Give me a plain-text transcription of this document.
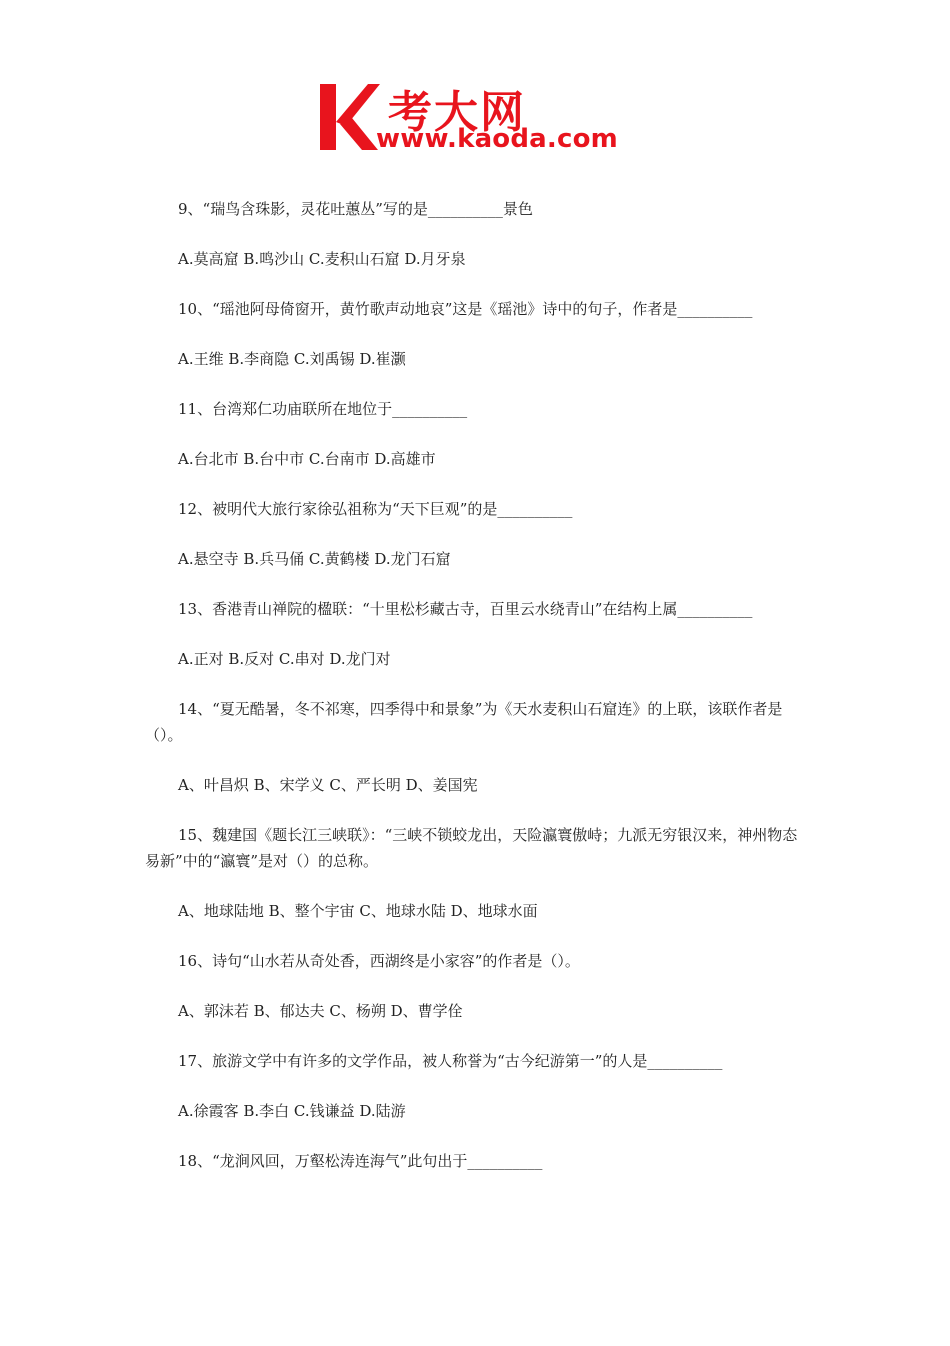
考大网
www.kaoda.com
9、“瑞鸟含珠影，灵花吐蕙丛”写的是__________景色
A.莫高窟 B.鸣沙山 C.麦积山石窟 D.月牙泉
10、“瑶池阿母倚窗开，黄竹歌声动地哀”这是《瑶池》诗中的句子，作者是__________
A.王维 B.李商隐 C.刘禹锡 D.崔灏
11、台湾郑仁功庙联所在地位于__________
A.台北市 B.台中市 C.台南市 D.高雄市
12、被明代大旅行家徐弘祖称为“天下巨观”的是__________
A.悬空寺 B.兵马俑 C.黄鹤楼 D.龙门石窟
13、香港青山禅院的楹联：“十里松杉藏古寺，百里云水绕青山”在结构上属__________
A.正对 B.反对 C.串对 D.龙门对
14、“夏无酷暑，冬不祁寒，四季得中和景象”为《天水麦积山石窟连》的上联，该联作者是（）。
A、叶昌炽 B、宋学义 C、严长明 D、姜国宪
15、魏建国《题长江三峡联》：“三峡不锁蛟龙出，天险瀛寰傲峙；九派无穷银汉来，神州物态易新”中的“瀛寰”是对（）的总称。
A、地球陆地 B、整个宇宙 C、地球水陆 D、地球水面
16、诗句“山水若从奇处香，西湖终是小家容”的作者是（）。
A、郭沫若 B、郁达夫 C、杨朔 D、曹学佺
17、旅游文学中有许多的文学作品，被人称誉为“古今纪游第一”的人是__________
A.徐霞客 B.李白 C.钱谦益 D.陆游
18、“龙涧风回，万壑松涛连海气”此句出于__________
